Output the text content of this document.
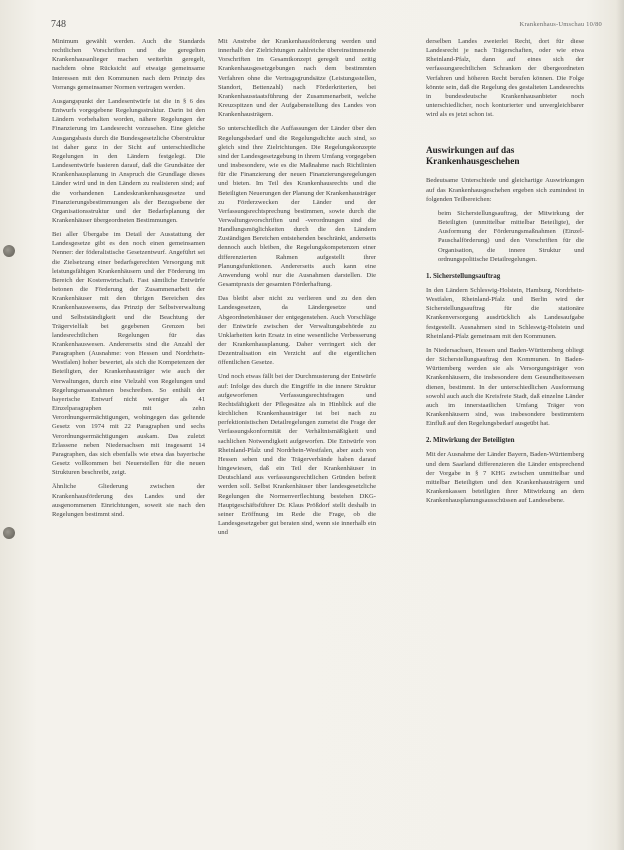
748	Krankenhaus-Umschau 10/80

Minimum gewählt werden. Auch die Standards rechtlichen Vorschriften und die geregelten Krankenhausanlieger machen weiterhin geregelt, nachdem ohne Rücksicht auf etwaige gemeinsame Interessen mit den Kommunen nach dem Prinzip des Vorrangs gemeinsamer Normen vertragen werden.

Ausgangspunkt der Landesentwürfe ist die in § 6 des Entwurfs vorgegebene Regelungsstruktur. Darin ist den Ländern vorbehalten worden, nähere Regelungen der Finanzierung im Landesrecht vorzusehen. Eine gleiche Ausgangsbasis durch die Bundesgesetzliche Oberstruktur ist daher ganz in der Sicht auf unterschiedliche Regelungen in den Ländern festgelegt. Die Landesentwürfe basieren darauf, daß die Grundsätze der Krankenhausplanung in Anspruch die Grundlage dieses Länder wird und in den Ländern zu realisieren sind; auf die vorhandenen Landeskrankenhausgesetze und Finanzierungsbestimmungen als der Bezugsebene der Organisationsstruktur und der Bedarfsplanung der Krankenhäuser übergeordneten Bestimmungen.

Bei aller Übergabe im Detail der Ausstattung der Landesgesetze gibt es den noch einen gemeinsamen Nenner: der föderalistische Gesetzentwurf. Angeführt sei die Zielsetzung einer bedarfsgerechten Versorgung mit leistungsfähigen Krankenhäusern und der Förderung im Bereich der Kostenwirtschaft. Fast sämtliche Entwürfe betonen die Förderung der Zusammenarbeit der Krankenhäuser mit den übrigen Bereichen des Krankenhauswesens, das Prinzip der Selbstverwaltung und Selbstständigkeit und die Beachtung der Trägervielfalt bei gegebenen Grenzen bei landesrechtlichen Regelungen für das Krankenhauswesen. Andererseits sind die Anzahl der Paragraphen (Ausnahme: von Hessen und Nordrhein-Westfalen) hoher bewertet, als sich die Kompetenzen der Beteiligten, der Krankenhausträger wie auch der Verwaltungen, durch eine Vielzahl von Regelungen und Regelungsmassnahmen beschreiben. So enthält der bayerische Entwurf nicht weniger als 41 Einzelparagraphen mit zehn Verordnungsermächtigungen, wohingegen das geltende Gesetz von 1974 mit 22 Paragraphen und sechs Verordnungsermächtigungen auskam. Das zuletzt Erlassene neben Niedersachsen mit insgesamt 14 Paragraphen, das sich ebenfalls wie etwa das bayerische Gesetz vollkommen bei Neuerstellen für die neuen Strukturen beschreibt, zeigt.

Ähnliche Gliederung zwischen der Krankenhausförderung des Landes und der ausgenommenen Einrichtungen, soweit sie nach den Regelungen bestimmt sind.

Mit Anstrebe der Krankenhausförderung werden und innerhalb der Zielrichtungen zahlreiche übereinstimmende Vorschriften im Gesamtkonzept geregelt und zeitig Krankenhausgesetzgebungen nach dem bestimmten Verfahren ohne die Vertragsgrundsätze (Leistungsstellen, Standort, Bettenzahl) nach Förderkriterien, bei Krankenhausstaatsführung der Zusammenarbeit, welche Kreuzspitzen und der Aufgabenstellung des Landes von Krankenhausträgern.

So unterschiedlich die Auffassungen der Länder über den Regelungsbedarf und die Regelungsdichte auch sind, so gleich sind ihre Zielrichtungen. Die Regelungskonzepte sind der Landesgesetzgebung in ihrem Umfang vorgegeben und insbesondere, wie es die Maßnahme nach Richtlinien für die Finanzierung der neuen Finanzierungsregelungen und bieten. Im Teil des Krankenhausrechts und die Beteiligten Neuerungen der Planung der Krankenhausträger zu Förderzwecken der Länder und der Verfassungsrechtsprechung bestimmen, sowie durch die Verwaltungsvorschriften und -verordnungen sind die Handlungsmöglichkeiten durch die den Ländern Zuständigen Bereichen entstehenden beschränkt, anderseits dennoch auch bleiben, die Regelungskompetenzen einer differenzierten Rahmen aufgestellt ihrer Planungsfunktionen. Andererseits auch kann eine Anwendung wohl nur die Ausnahmen darstellen. Die Gesamtpraxis der gesamten Förderhaftung.

Das bleibt aber nicht zu verlieren und zu den den Landesgesetzen, da Ländergesetze und Abgeordnetenhäuser der entgegenstehen. Auch Vorschläge der Entwürfe zwischen der Verwaltungsbehörde zu Unklarheiten kein Ersatz in eine wesentliche Verbesserung der Krankenhausplanung. Daher verringert sich der Dezentralisation ein Verzicht auf die eigentlichen öffentlichen Gesetze.

Und noch etwas fällt bei der Durchmusterung der Entwürfe auf: Infolge des durch die Eingriffe in die innere Struktur aufgeworfenen Verfassungsrechtsfragen und Rechtsfähigkeit der Pflegesätze als in Hinblick auf die kirchlichen Krankenhausträger ist bei nach zu perfektionistischen Detailregelungen zumeist die Frage der Verfassungskonformität der Verhältnismäßigkeit und sachlichen Notwendigkeit aufgeworfen. Die Entwürfe von Rheinland-Pfalz und Nordrhein-Westfalen, aber auch von Hessen sehen und die Trägerverbände haben darauf hingewiesen, daß ein Teil der Krankenhäuser in Deutschland aus verfassungsrechtlichen Gründen befreit werden soll. Selbst Krankenhäuser über landesgesetzliche Regelungen die Normenverflechtung bestehen DKG-Hauptgeschäftsführer Dr. Klaus Prößdorf stellt deshalb in seiner Eröffnung im Rede die Frage, ob die Landesgesetzgeber gut beraten sind, wenn sie innerhalb ein und

derselben Landes zweierlei Recht, dort für diese Landesrecht je nach Trägerschaften, oder wie etwa Rheinland-Pfalz, dann auf eines sich der verfassungsrechtlichen Schranken der übergeordneten Verfahren und höheren Recht berufen können. Die Folge könnte sein, daß die Regelung des gestalteten Landesrechts in bundesdeutsche Krankenhausanbieter noch unterschiedlicher, noch konturierter und unvergleichbarer wird als es jetzt schon ist.

Auswirkungen auf das Krankenhausgeschehen

Bedeutsame Unterschiede und gleichartige Auswirkungen auf das Krankenhausgeschehen ergeben sich zumindest in folgenden Teilbereichen:

beim Sicherstellungsauftrag, der Mitwirkung der Beteiligten (unmittelbar mittelbar Beteiligte), der Ausformung der Förderungsmaßnahmen (Einzel-Pauschalförderung) und den Vorschriften für die Organisation, die innere Struktur und ordnungspolitische Detailregelungen.

1. Sicherstellungsauftrag

In den Ländern Schleswig-Holstein, Hamburg, Nordrhein-Westfalen, Rheinland-Pfalz und Berlin wird der Sicherstellungsauftrag für die stationäre Krankenversorgung ausdrücklich als Landesaufgabe festgestellt. Ausnahmen sind in Schleswig-Holstein und Rheinland-Pfalz gemeinsam mit den Kommunen.

In Niedersachsen, Hessen und Baden-Württemberg obliegt der Sicherstellungsauftrag den Kommunen. In Baden-Württemberg werden sie als Versorgungsträger von Krankenhäusern, die insbesondere dem Gesundheitswesen dienen, bestimmt. In der unterschiedlichen Ausformung sowohl auch auch die Kreisfreie Stadt, daß einzelne Länder auch im innerstaatlichen Umfang Träger von Krankenhäusern sind, was insbesondere bestimmtem Einfluß auf den Regelungsbedarf ausgeübt hat.

2. Mitwirkung der Beteiligten

Mit der Ausnahme der Länder Bayern, Baden-Württemberg und dem Saarland differenzieren die Länder entsprechend der Vorgabe in § 7 KHG zwischen unmittelbar und mittelbar Beteiligten und den Krankenhausträgern und Krankenkassen beteiligten ihrer Mitwirkung an dem Krankenhausplanungsausschüssen auf Landesebene.
